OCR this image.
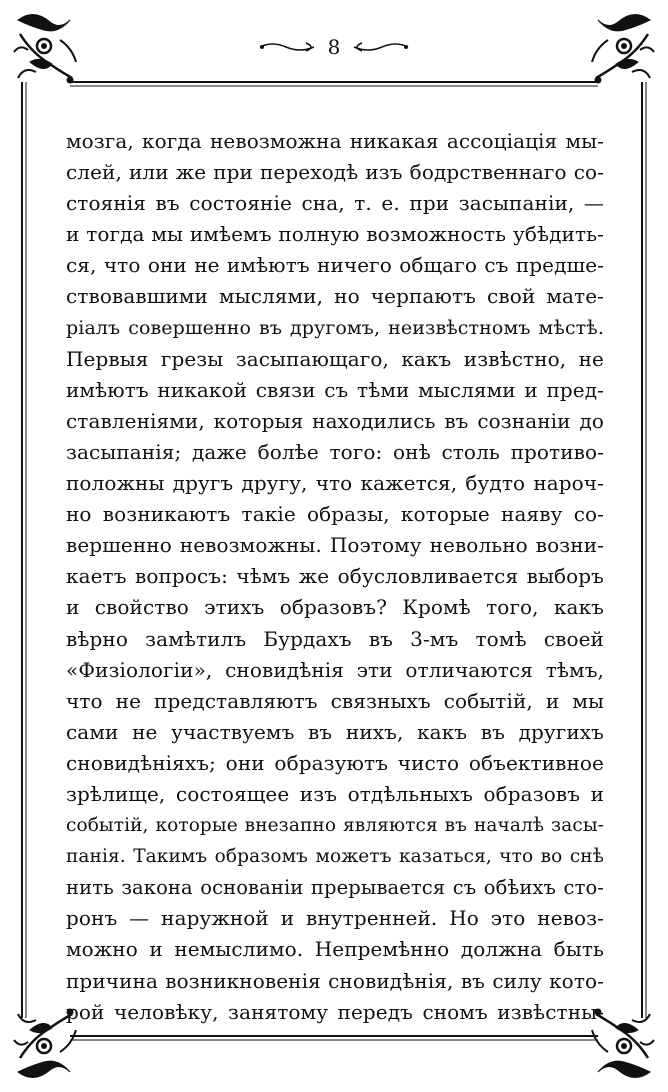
8
мозга, когда невозможна никакая ассоціація мы-
слей, или же при переходѣ изъ бодрственнаго со-
стоянія въ состояніе сна, т. е. при засыпаніи, —
и тогда мы имѣемъ полную возможность убѣдить-
ся, что они не имѣютъ ничего общаго съ предше-
ствовавшими мыслями, но черпаютъ свой мате-
ріалъ совершенно въ другомъ, неизвѣстномъ мѣстѣ.
Первыя грезы засыпающаго, какъ извѣстно, не
имѣютъ никакой связи съ тѣми мыслями и пред-
ставленіями, которыя находились въ сознаніи до
засыпанія; даже болѣе того: онѣ столь противо-
положны другъ другу, что кажется, будто нароч-
но возникаютъ такіе образы, которые наяву со-
вершенно невозможны. Поэтому невольно возни-
каетъ вопросъ: чѣмъ же обусловливается выборъ
и свойство этихъ образовъ? Кромѣ того, какъ
вѣрно замѣтилъ Бурдахъ въ 3-мъ томѣ своей
«Физіологіи», сновидѣнія эти отличаются тѣмъ,
что не представляютъ связныхъ событій, и мы
сами не участвуемъ въ нихъ, какъ въ другихъ
сновидѣніяхъ; они образуютъ чисто объективное
зрѣлище, состоящее изъ отдѣльныхъ образовъ и
событій, которые внезапно являются въ началѣ засы-
панія. Такимъ образомъ можетъ казаться, что во снѣ
нить закона основаніи прерывается съ обѣихъ сто-
ронъ — наружной и внутренней. Но это невоз-
можно и немыслимо. Непремѣнно должна быть
причина возникновенія сновидѣнія, въ силу кото-
рой человѣку, занятому передъ сномъ извѣстны-
